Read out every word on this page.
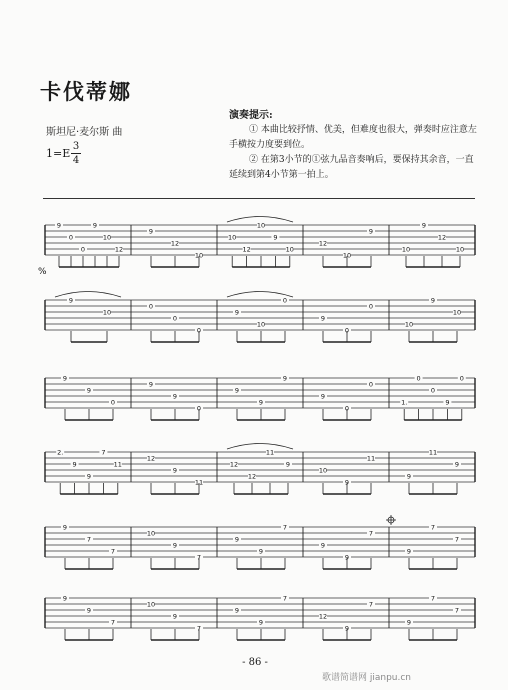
卡伐蒂娜
斯坦尼·麦尔斯 曲
1=E
3
4
演奏提示:
① 本曲比较抒情、优美，但难度也很大，弹奏时应注意左手横按力度要到位。
② 在第3小节的①弦九品音奏响后，要保持其余音，一直延续到第4小节第一拍上。
9
0
0
9
10
12
9
12
10
10
12
10
9
10
12
10
9
10
9
12
10
9
10
0
0
0
9
10
0
9
0
0
10
9
10
9
9
0
9
9
0
9
9
9
9
0
0
1.
0
0
9
0
2.
9
9
7
11
12
9
11
12
12
11
9
10
9
11
9
11
9
9
7
7
10
9
7
9
9
7
9
9
7
9
7
7
9
9
7
10
9
7
9
9
7
12
9
7
9
7
7
%
- 86 -
歌谱简谱网 jianpu.cn
